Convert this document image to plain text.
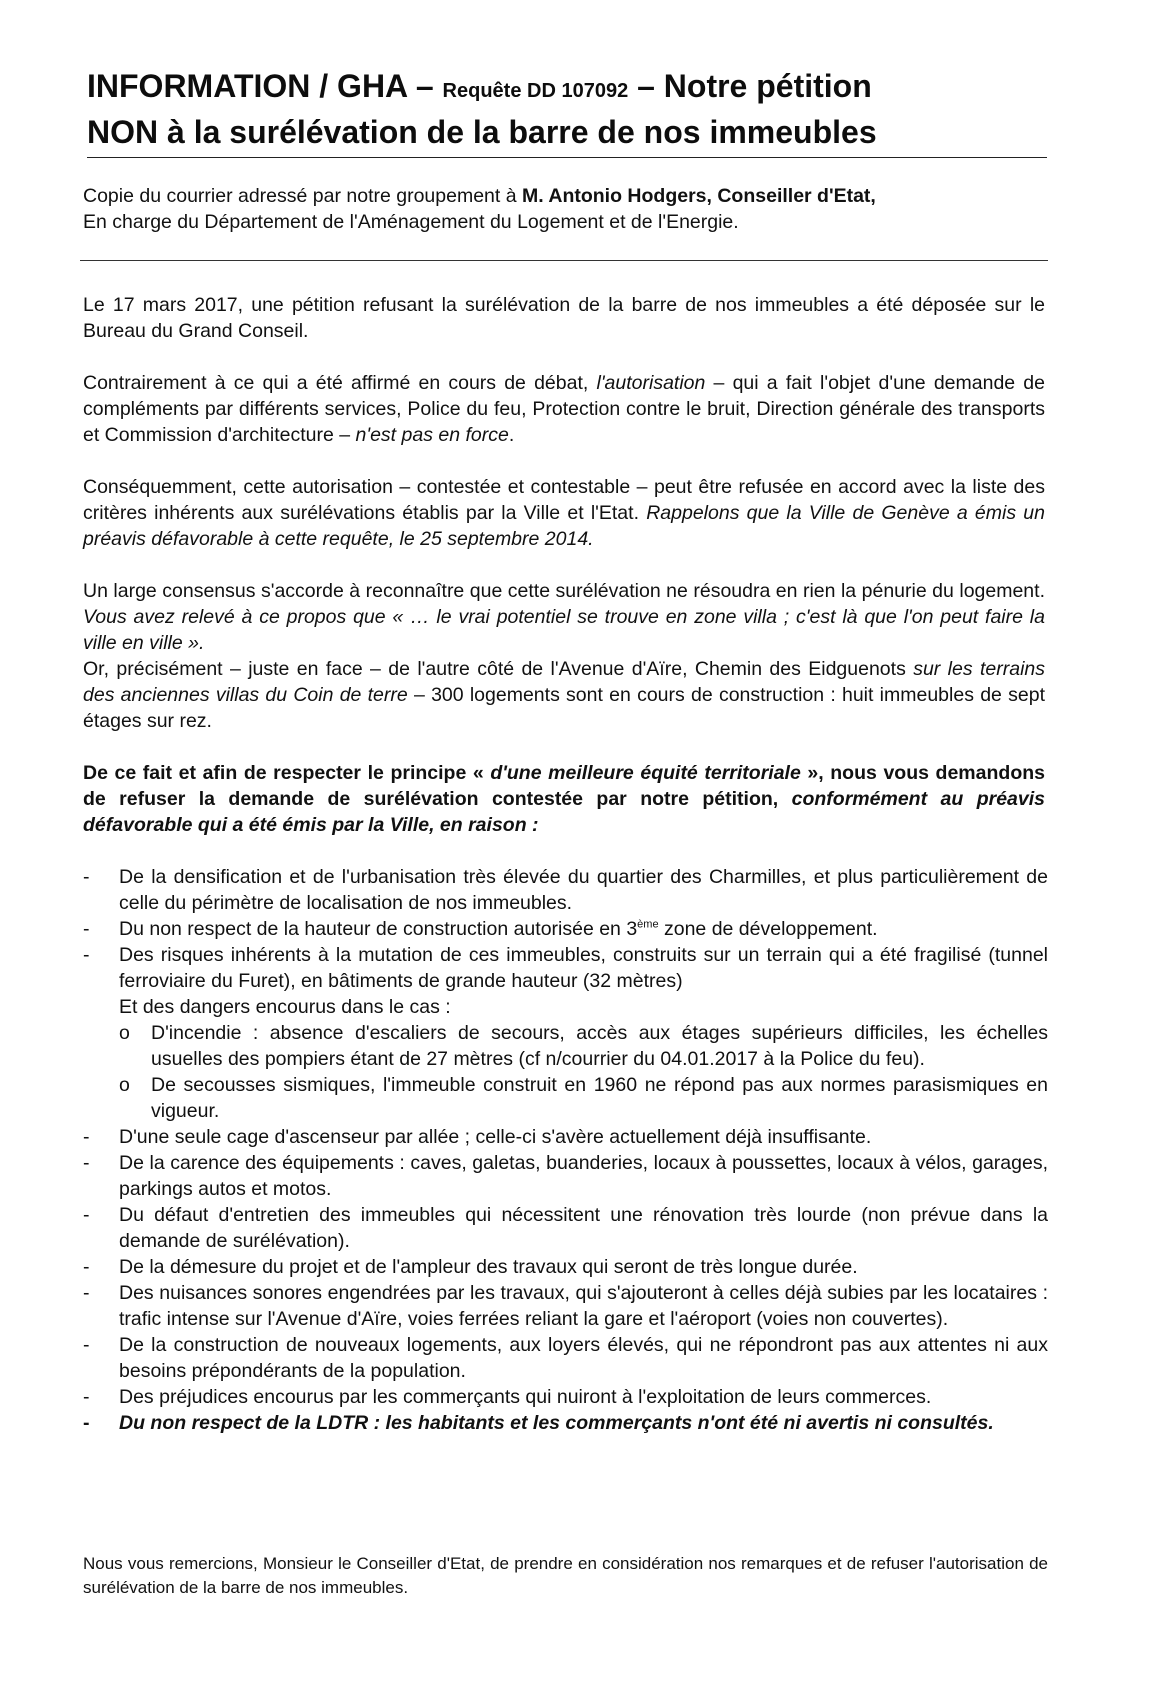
INFORMATION / GHA – Requête DD 107092 – Notre pétition
NON à la surélévation de la barre de nos immeubles
Copie du courrier adressé par notre groupement à M. Antonio Hodgers, Conseiller d'Etat,
En charge du Département de l'Aménagement du Logement et de l'Energie.

Le 17 mars 2017, une pétition refusant la surélévation de la barre de nos immeubles a été déposée sur le Bureau du Grand Conseil.

Contrairement à ce qui a été affirmé en cours de débat, l'autorisation – qui a fait l'objet d'une demande de compléments par différents services, Police du feu, Protection contre le bruit, Direction générale des transports et Commission d'architecture – n'est pas en force.

Conséquemment, cette autorisation – contestée et contestable – peut être refusée en accord avec la liste des critères inhérents aux surélévations établis par la Ville et l'Etat. Rappelons que la Ville de Genève a émis un préavis défavorable à cette requête, le 25 septembre 2014.

Un large consensus s'accorde à reconnaître que cette surélévation ne résoudra en rien la pénurie du logement. Vous avez relevé à ce propos que « … le vrai potentiel se trouve en zone villa ; c'est là que l'on peut faire la ville en ville ».
Or, précisément – juste en face – de l'autre côté de l'Avenue d'Aïre, Chemin des Eidguenots sur les terrains des anciennes villas du Coin de terre – 300 logements sont en cours de construction : huit immeubles de sept étages sur rez.

De ce fait et afin de respecter le principe « d'une meilleure équité territoriale », nous vous demandons de refuser la demande de surélévation contestée par notre pétition, conformément au préavis défavorable qui a été émis par la Ville, en raison :

- De la densification et de l'urbanisation très élevée du quartier des Charmilles, et plus particulièrement de celle du périmètre de localisation de nos immeubles.
- Du non respect de la hauteur de construction autorisée en 3ème zone de développement.
- Des risques inhérents à la mutation de ces immeubles, construits sur un terrain qui a été fragilisé (tunnel ferroviaire du Furet), en bâtiments de grande hauteur (32 mètres)
Et des dangers encourus dans le cas :
o D'incendie : absence d'escaliers de secours, accès aux étages supérieurs difficiles, les échelles usuelles des pompiers étant de 27 mètres (cf n/courrier du 04.01.2017 à la Police du feu).
o De secousses sismiques, l'immeuble construit en 1960 ne répond pas aux normes parasismiques en vigueur.
- D'une seule cage d'ascenseur par allée ; celle-ci s'avère actuellement déjà insuffisante.
- De la carence des équipements : caves, galetas, buanderies, locaux à poussettes, locaux à vélos, garages, parkings autos et motos.
- Du défaut d'entretien des immeubles qui nécessitent une rénovation très lourde (non prévue dans la demande de surélévation).
- De la démesure du projet et de l'ampleur des travaux qui seront de très longue durée.
- Des nuisances sonores engendrées par les travaux, qui s'ajouteront à celles déjà subies par les locataires : trafic intense sur l'Avenue d'Aïre, voies ferrées reliant la gare et l'aéroport (voies non couvertes).
- De la construction de nouveaux logements, aux loyers élevés, qui ne répondront pas aux attentes ni aux besoins prépondérants de la population.
- Des préjudices encourus par les commerçants qui nuiront à l'exploitation de leurs commerces.
- Du non respect de la LDTR : les habitants et les commerçants n'ont été ni avertis ni consultés.
Nous vous remercions, Monsieur le Conseiller d'Etat, de prendre en considération nos remarques et de refuser l'autorisation de surélévation de la barre de nos immeubles.
